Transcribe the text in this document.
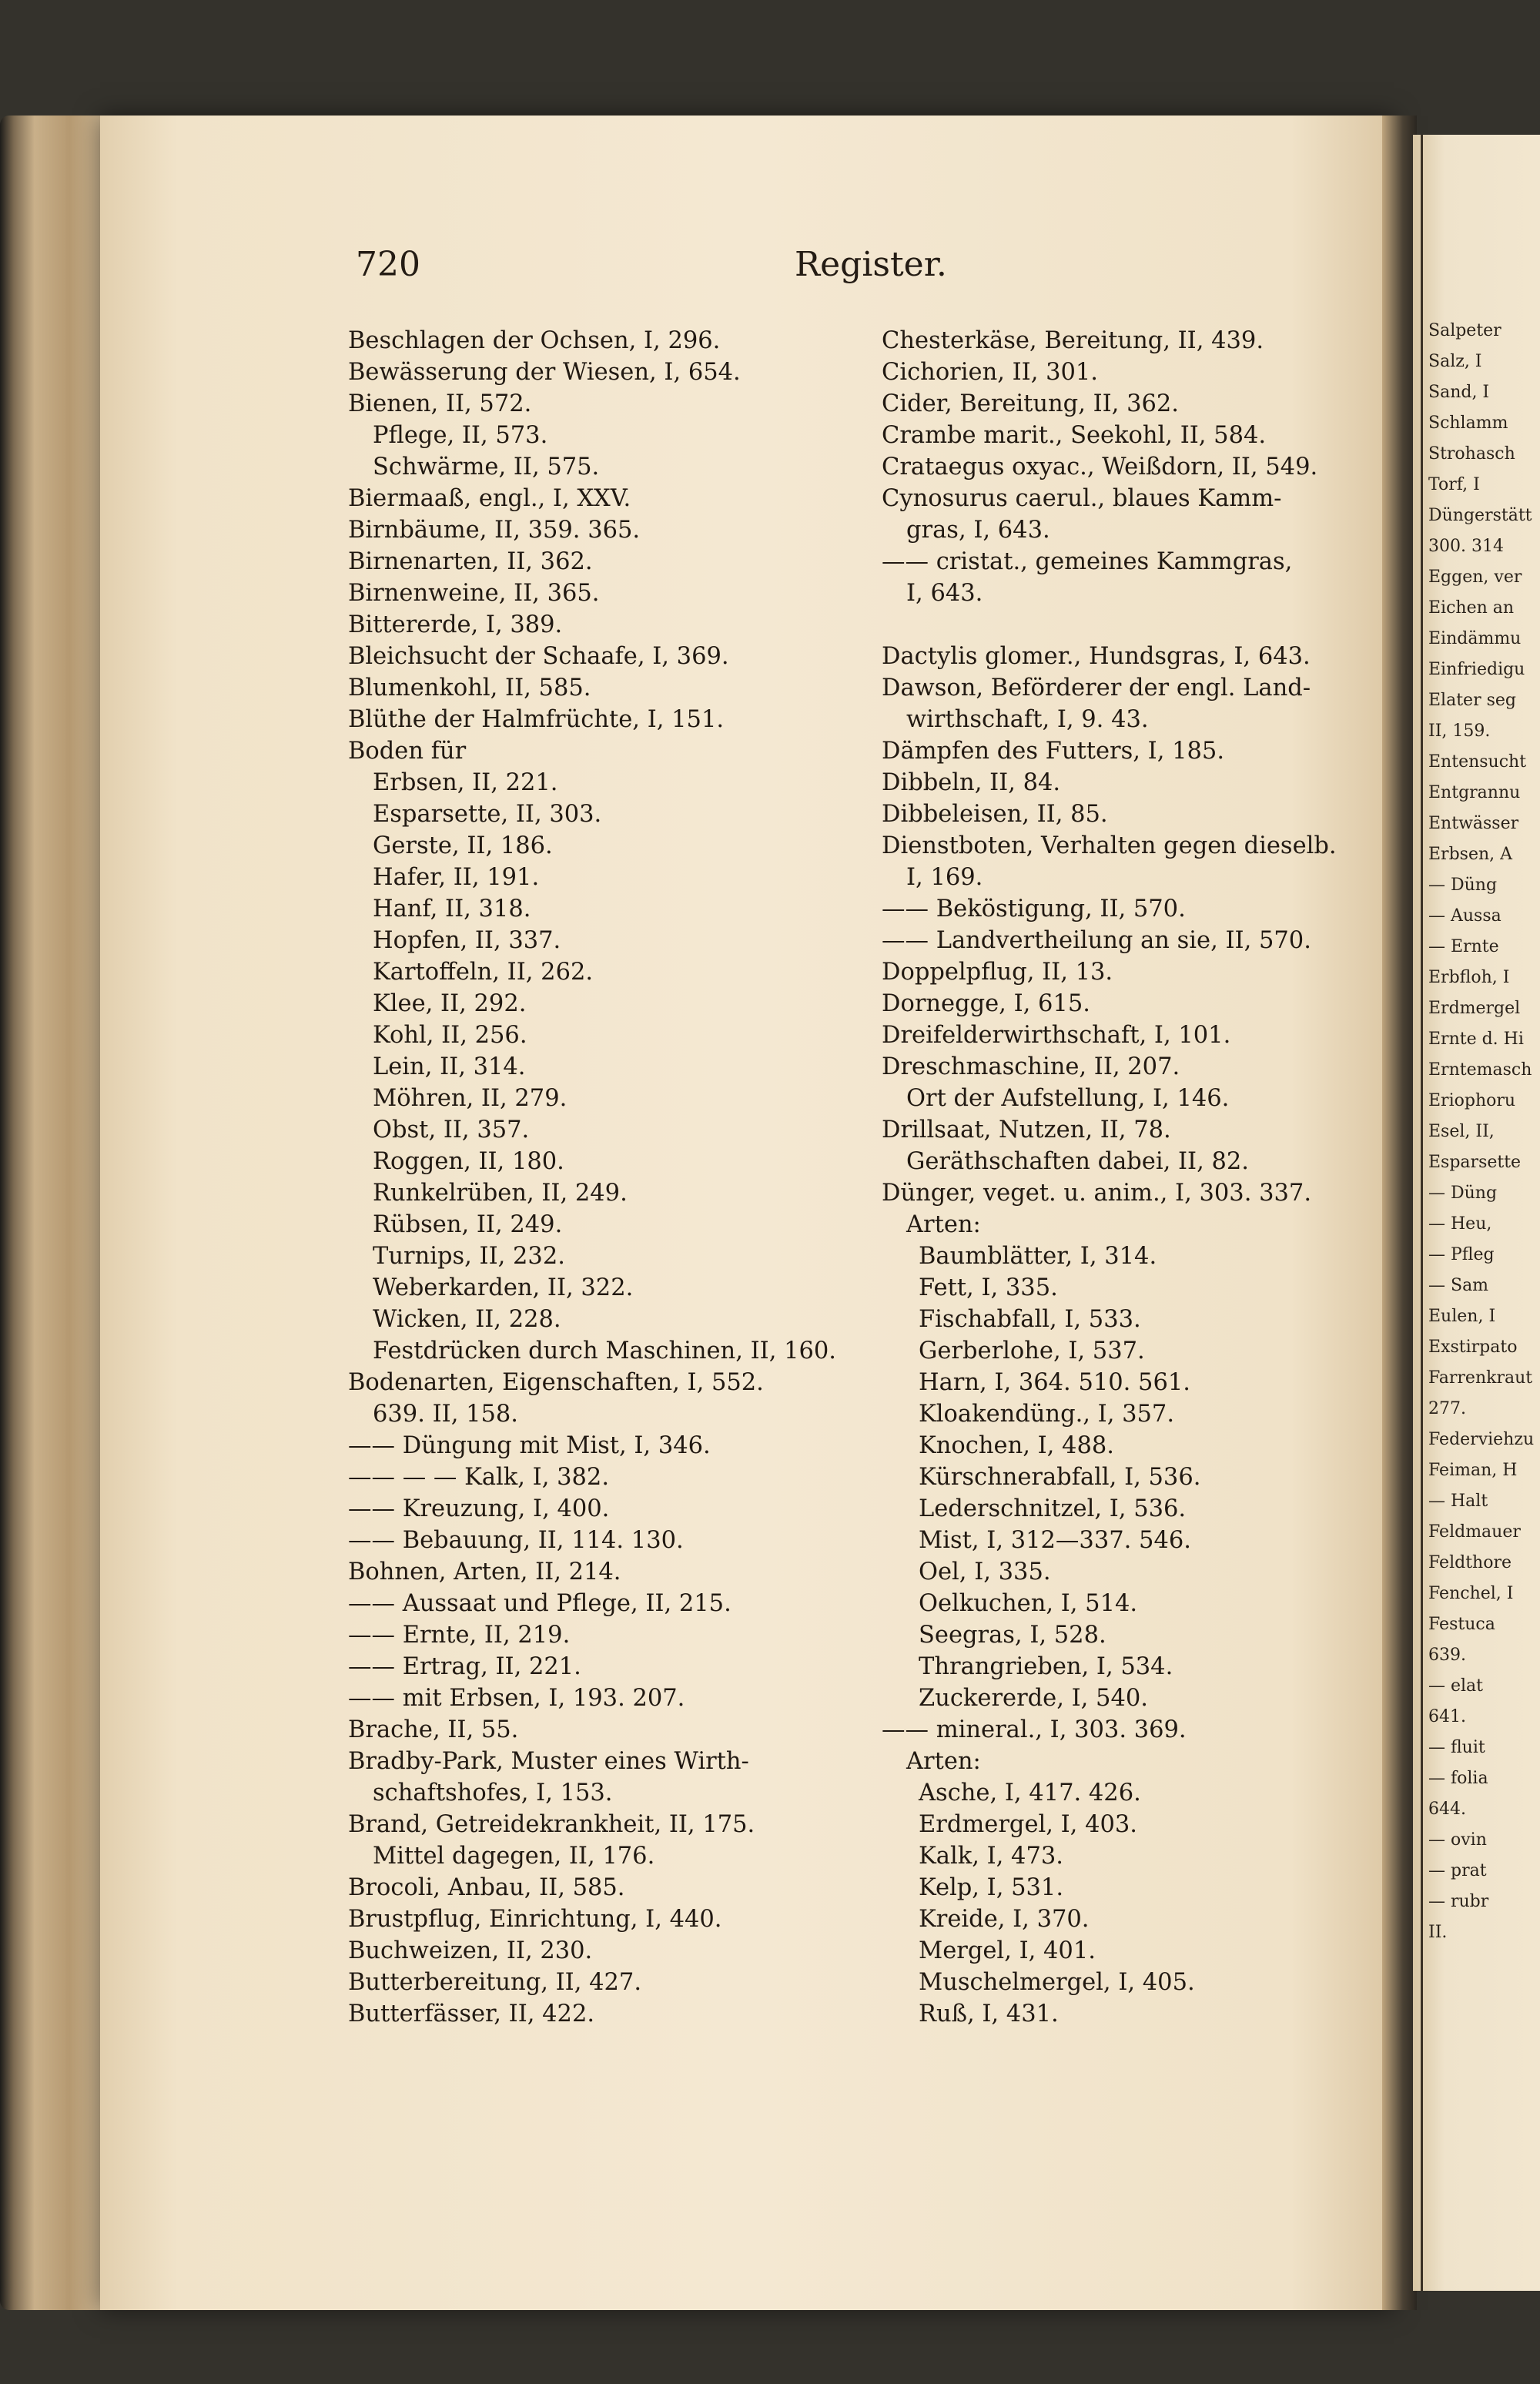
Salpeter
Salz, I
Sand, I
Schlamm
Strohasch
Torf, I
Düngerstätt
300. 314
Eggen, ver
Eichen an
Eindämmu
Einfriedigu
Elater seg
II, 159.
Entensucht
Entgrannu
Entwässer
Erbsen, A
— Düng
— Aussa
— Ernte
Erbfloh, I
Erdmergel
Ernte d. Hi
Erntemasch
Eriophoru
Esel, II,
Esparsette
— Düng
— Heu,
— Pfleg
— Sam
Eulen, I
Exstirpato
Farrenkraut
277.
Federviehzu
Feiman, H
— Halt
Feldmauer
Feldthore
Fenchel, I
Festuca
639.
— elat
641.
— fluit
— folia
644.
— ovin
— prat
— rubr
II.
720	Register.
Beschlagen der Ochsen, I, 296.
Bewässerung der Wiesen, I, 654.
Bienen, II, 572.
Pflege, II, 573.
Schwärme, II, 575.
Biermaaß, engl., I, XXV.
Birnbäume, II, 359. 365.
Birnenarten, II, 362.
Birnenweine, II, 365.
Bittererde, I, 389.
Bleichsucht der Schaafe, I, 369.
Blumenkohl, II, 585.
Blüthe der Halmfrüchte, I, 151.
Boden für
Erbsen, II, 221.
Esparsette, II, 303.
Gerste, II, 186.
Hafer, II, 191.
Hanf, II, 318.
Hopfen, II, 337.
Kartoffeln, II, 262.
Klee, II, 292.
Kohl, II, 256.
Lein, II, 314.
Möhren, II, 279.
Obst, II, 357.
Roggen, II, 180.
Runkelrüben, II, 249.
Rübsen, II, 249.
Turnips, II, 232.
Weberkarden, II, 322.
Wicken, II, 228.
Festdrücken durch Maschinen, II, 160.
Bodenarten, Eigenschaften, I, 552.
639. II, 158.
—— Düngung mit Mist, I, 346.
—— — — Kalk, I, 382.
—— Kreuzung, I, 400.
—— Bebauung, II, 114. 130.
Bohnen, Arten, II, 214.
—— Aussaat und Pflege, II, 215.
—— Ernte, II, 219.
—— Ertrag, II, 221.
—— mit Erbsen, I, 193. 207.
Brache, II, 55.
Bradby-Park, Muster eines Wirth-
schaftshofes, I, 153.
Brand, Getreidekrankheit, II, 175.
Mittel dagegen, II, 176.
Brocoli, Anbau, II, 585.
Brustpflug, Einrichtung, I, 440.
Buchweizen, II, 230.
Butterbereitung, II, 427.
Butterfässer, II, 422.
Chesterkäse, Bereitung, II, 439.
Cichorien, II, 301.
Cider, Bereitung, II, 362.
Crambe marit., Seekohl, II, 584.
Crataegus oxyac., Weißdorn, II, 549.
Cynosurus caerul., blaues Kamm-
gras, I, 643.
—— cristat., gemeines Kammgras,
I, 643.
Dactylis glomer., Hundsgras, I, 643.
Dawson, Beförderer der engl. Land-
wirthschaft, I, 9. 43.
Dämpfen des Futters, I, 185.
Dibbeln, II, 84.
Dibbeleisen, II, 85.
Dienstboten, Verhalten gegen dieselb.
I, 169.
—— Beköstigung, II, 570.
—— Landvertheilung an sie, II, 570.
Doppelpflug, II, 13.
Dornegge, I, 615.
Dreifelderwirthschaft, I, 101.
Dreschmaschine, II, 207.
Ort der Aufstellung, I, 146.
Drillsaat, Nutzen, II, 78.
Geräthschaften dabei, II, 82.
Dünger, veget. u. anim., I, 303. 337.
Arten:
Baumblätter, I, 314.
Fett, I, 335.
Fischabfall, I, 533.
Gerberlohe, I, 537.
Harn, I, 364. 510. 561.
Kloakendüng., I, 357.
Knochen, I, 488.
Kürschnerabfall, I, 536.
Lederschnitzel, I, 536.
Mist, I, 312—337. 546.
Oel, I, 335.
Oelkuchen, I, 514.
Seegras, I, 528.
Thrangrieben, I, 534.
Zuckererde, I, 540.
—— mineral., I, 303. 369.
Arten:
Asche, I, 417. 426.
Erdmergel, I, 403.
Kalk, I, 473.
Kelp, I, 531.
Kreide, I, 370.
Mergel, I, 401.
Muschelmergel, I, 405.
Ruß, I, 431.
